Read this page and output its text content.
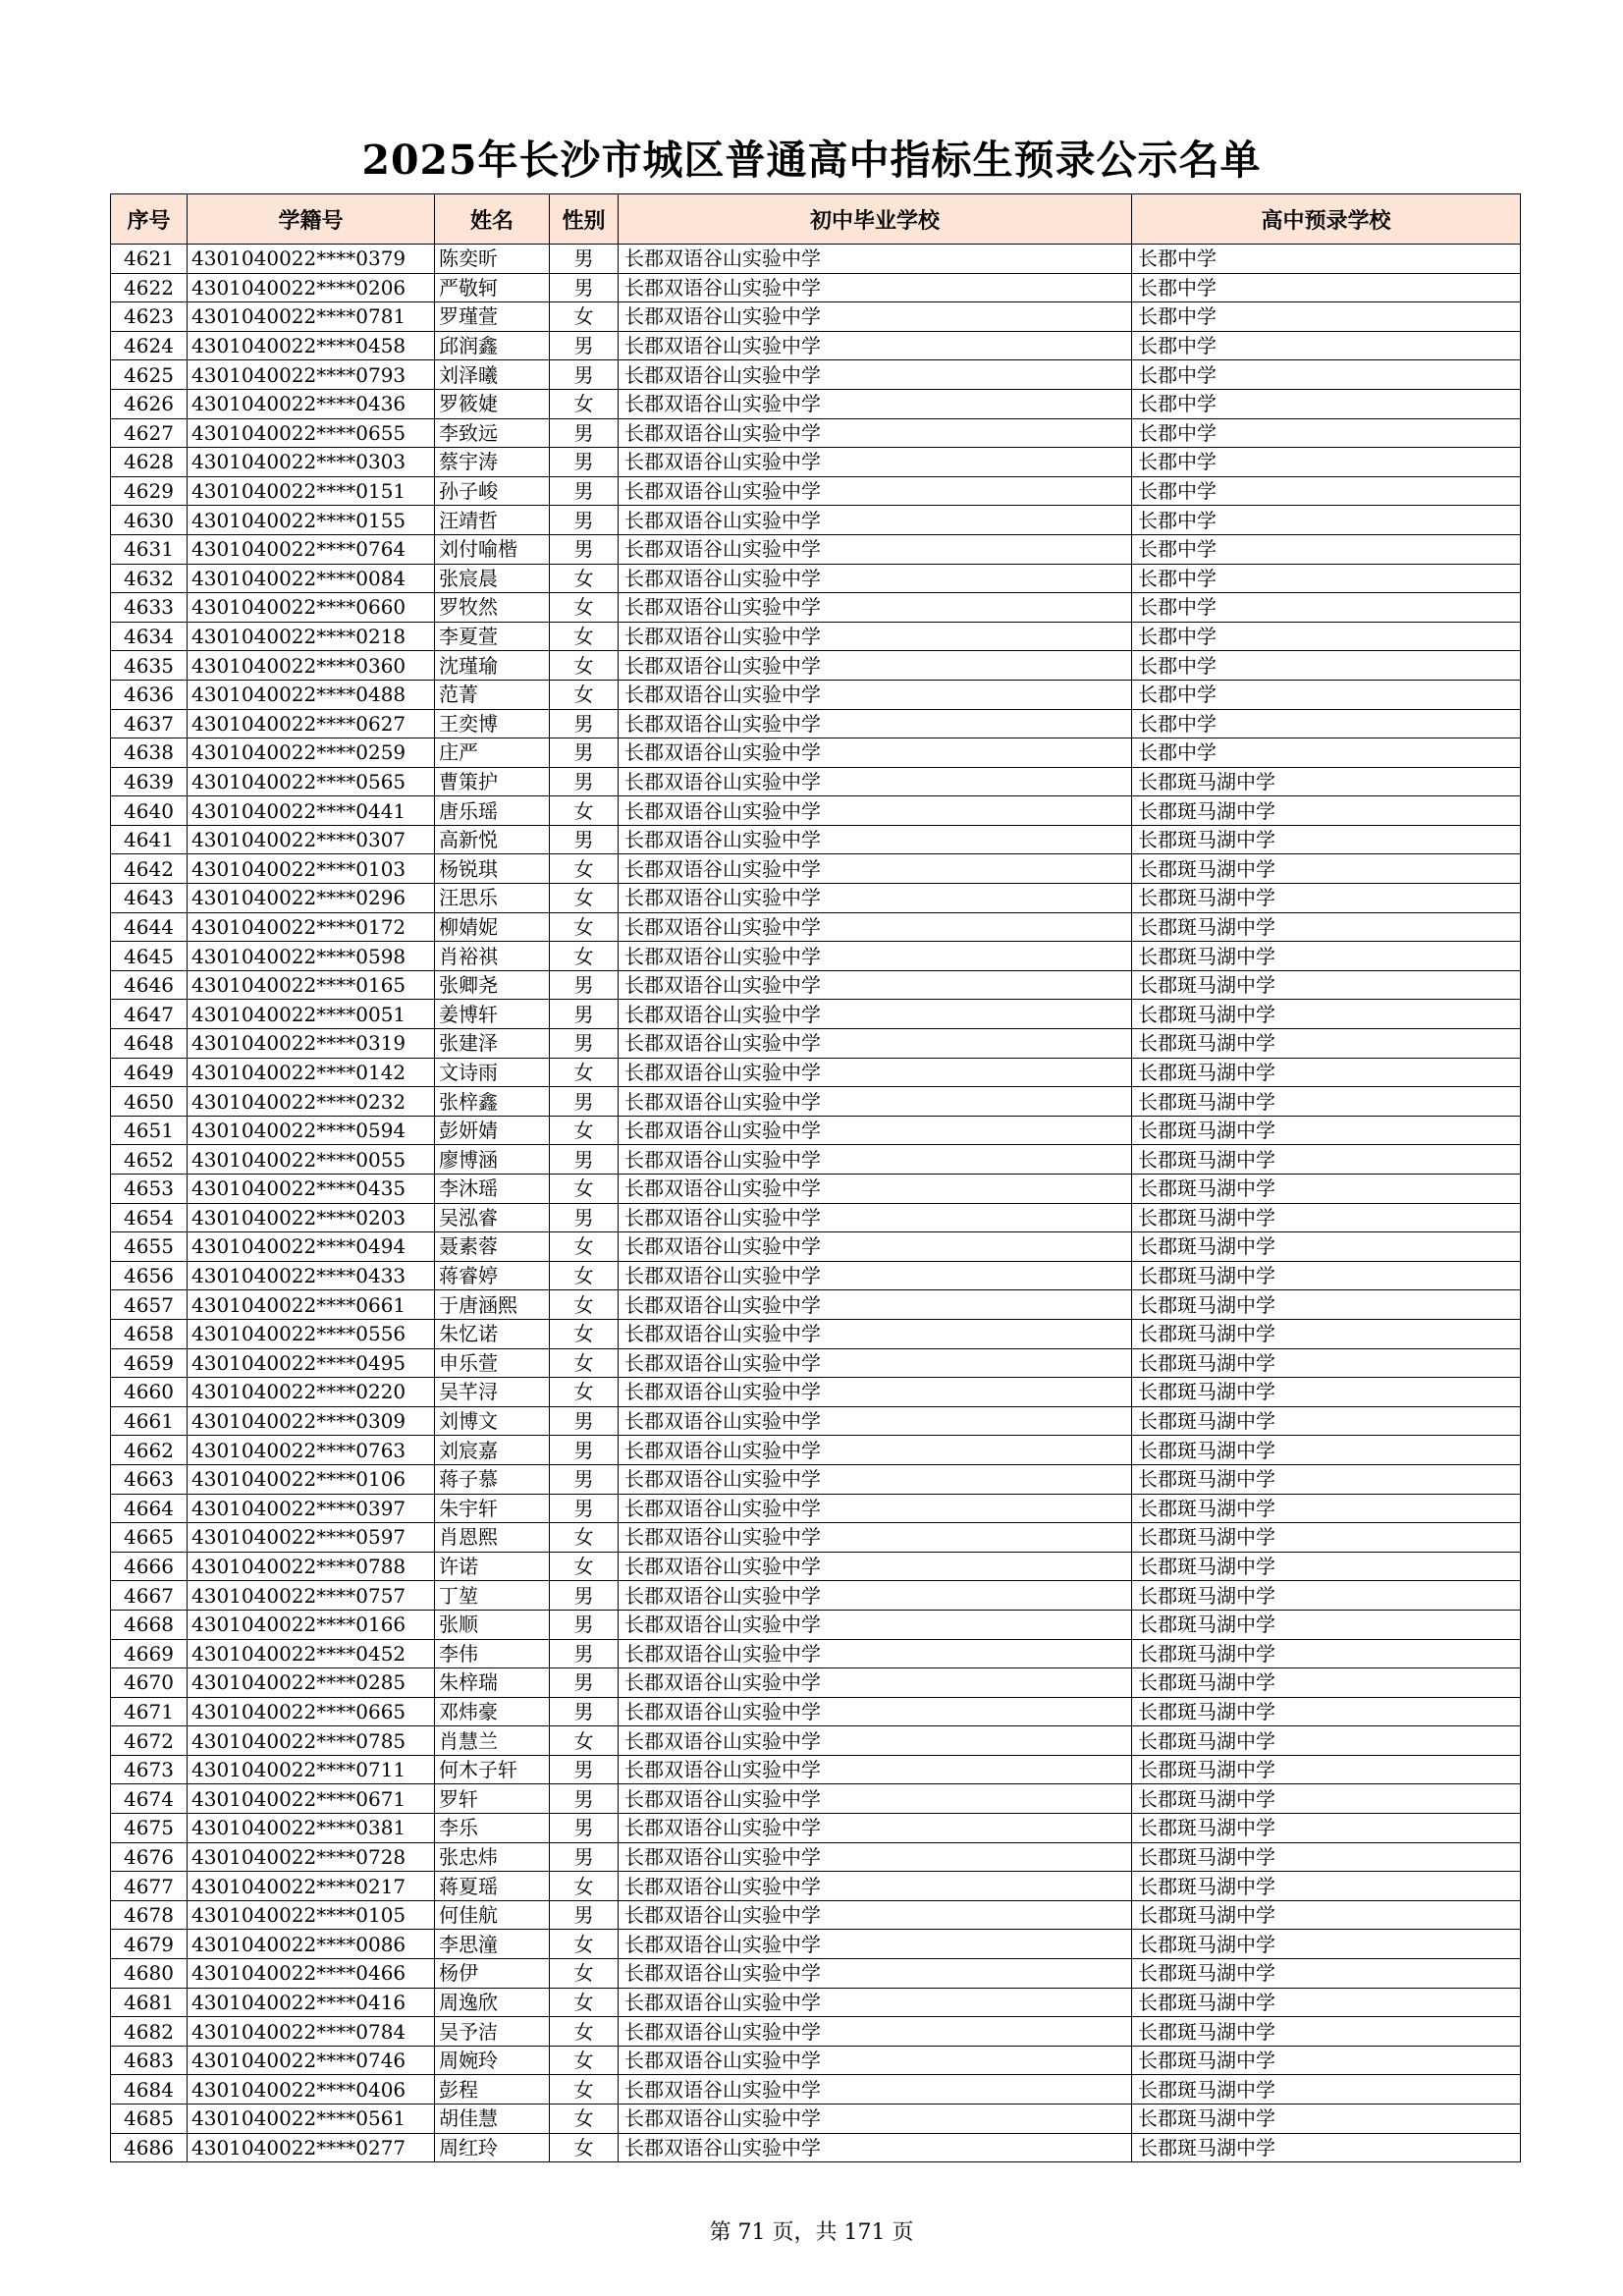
2025年长沙市城区普通高中指标生预录公示名单
序号	学籍号	姓名	性别	初中毕业学校	高中预录学校
4621	4301040022****0379	陈奕昕	男	长郡双语谷山实验中学	长郡中学
4622	4301040022****0206	严敬轲	男	长郡双语谷山实验中学	长郡中学
4623	4301040022****0781	罗瑾萱	女	长郡双语谷山实验中学	长郡中学
4624	4301040022****0458	邱润鑫	男	长郡双语谷山实验中学	长郡中学
4625	4301040022****0793	刘泽曦	男	长郡双语谷山实验中学	长郡中学
4626	4301040022****0436	罗筱婕	女	长郡双语谷山实验中学	长郡中学
4627	4301040022****0655	李致远	男	长郡双语谷山实验中学	长郡中学
4628	4301040022****0303	蔡宇涛	男	长郡双语谷山实验中学	长郡中学
4629	4301040022****0151	孙子峻	男	长郡双语谷山实验中学	长郡中学
4630	4301040022****0155	汪靖哲	男	长郡双语谷山实验中学	长郡中学
4631	4301040022****0764	刘付喻楷	男	长郡双语谷山实验中学	长郡中学
4632	4301040022****0084	张宸晨	女	长郡双语谷山实验中学	长郡中学
4633	4301040022****0660	罗牧然	女	长郡双语谷山实验中学	长郡中学
4634	4301040022****0218	李夏萱	女	长郡双语谷山实验中学	长郡中学
4635	4301040022****0360	沈瑾瑜	女	长郡双语谷山实验中学	长郡中学
4636	4301040022****0488	范菁	女	长郡双语谷山实验中学	长郡中学
4637	4301040022****0627	王奕博	男	长郡双语谷山实验中学	长郡中学
4638	4301040022****0259	庄严	男	长郡双语谷山实验中学	长郡中学
4639	4301040022****0565	曹策护	男	长郡双语谷山实验中学	长郡斑马湖中学
4640	4301040022****0441	唐乐瑶	女	长郡双语谷山实验中学	长郡斑马湖中学
4641	4301040022****0307	高新悦	男	长郡双语谷山实验中学	长郡斑马湖中学
4642	4301040022****0103	杨锐琪	女	长郡双语谷山实验中学	长郡斑马湖中学
4643	4301040022****0296	汪思乐	女	长郡双语谷山实验中学	长郡斑马湖中学
4644	4301040022****0172	柳婧妮	女	长郡双语谷山实验中学	长郡斑马湖中学
4645	4301040022****0598	肖裕祺	女	长郡双语谷山实验中学	长郡斑马湖中学
4646	4301040022****0165	张卿尧	男	长郡双语谷山实验中学	长郡斑马湖中学
4647	4301040022****0051	姜博轩	男	长郡双语谷山实验中学	长郡斑马湖中学
4648	4301040022****0319	张建泽	男	长郡双语谷山实验中学	长郡斑马湖中学
4649	4301040022****0142	文诗雨	女	长郡双语谷山实验中学	长郡斑马湖中学
4650	4301040022****0232	张梓鑫	男	长郡双语谷山实验中学	长郡斑马湖中学
4651	4301040022****0594	彭妍婧	女	长郡双语谷山实验中学	长郡斑马湖中学
4652	4301040022****0055	廖博涵	男	长郡双语谷山实验中学	长郡斑马湖中学
4653	4301040022****0435	李沐瑶	女	长郡双语谷山实验中学	长郡斑马湖中学
4654	4301040022****0203	吴泓睿	男	长郡双语谷山实验中学	长郡斑马湖中学
4655	4301040022****0494	聂素蓉	女	长郡双语谷山实验中学	长郡斑马湖中学
4656	4301040022****0433	蒋睿婷	女	长郡双语谷山实验中学	长郡斑马湖中学
4657	4301040022****0661	于唐涵熙	女	长郡双语谷山实验中学	长郡斑马湖中学
4658	4301040022****0556	朱忆诺	女	长郡双语谷山实验中学	长郡斑马湖中学
4659	4301040022****0495	申乐萱	女	长郡双语谷山实验中学	长郡斑马湖中学
4660	4301040022****0220	吴芊浔	女	长郡双语谷山实验中学	长郡斑马湖中学
4661	4301040022****0309	刘博文	男	长郡双语谷山实验中学	长郡斑马湖中学
4662	4301040022****0763	刘宸嘉	男	长郡双语谷山实验中学	长郡斑马湖中学
4663	4301040022****0106	蒋子慕	男	长郡双语谷山实验中学	长郡斑马湖中学
4664	4301040022****0397	朱宇轩	男	长郡双语谷山实验中学	长郡斑马湖中学
4665	4301040022****0597	肖恩熙	女	长郡双语谷山实验中学	长郡斑马湖中学
4666	4301040022****0788	许诺	女	长郡双语谷山实验中学	长郡斑马湖中学
4667	4301040022****0757	丁堃	男	长郡双语谷山实验中学	长郡斑马湖中学
4668	4301040022****0166	张顺	男	长郡双语谷山实验中学	长郡斑马湖中学
4669	4301040022****0452	李伟	男	长郡双语谷山实验中学	长郡斑马湖中学
4670	4301040022****0285	朱梓瑞	男	长郡双语谷山实验中学	长郡斑马湖中学
4671	4301040022****0665	邓炜豪	男	长郡双语谷山实验中学	长郡斑马湖中学
4672	4301040022****0785	肖慧兰	女	长郡双语谷山实验中学	长郡斑马湖中学
4673	4301040022****0711	何木子轩	男	长郡双语谷山实验中学	长郡斑马湖中学
4674	4301040022****0671	罗轩	男	长郡双语谷山实验中学	长郡斑马湖中学
4675	4301040022****0381	李乐	男	长郡双语谷山实验中学	长郡斑马湖中学
4676	4301040022****0728	张忠炜	男	长郡双语谷山实验中学	长郡斑马湖中学
4677	4301040022****0217	蒋夏瑶	女	长郡双语谷山实验中学	长郡斑马湖中学
4678	4301040022****0105	何佳航	男	长郡双语谷山实验中学	长郡斑马湖中学
4679	4301040022****0086	李思潼	女	长郡双语谷山实验中学	长郡斑马湖中学
4680	4301040022****0466	杨伊	女	长郡双语谷山实验中学	长郡斑马湖中学
4681	4301040022****0416	周逸欣	女	长郡双语谷山实验中学	长郡斑马湖中学
4682	4301040022****0784	吴予洁	女	长郡双语谷山实验中学	长郡斑马湖中学
4683	4301040022****0746	周婉玲	女	长郡双语谷山实验中学	长郡斑马湖中学
4684	4301040022****0406	彭程	女	长郡双语谷山实验中学	长郡斑马湖中学
4685	4301040022****0561	胡佳慧	女	长郡双语谷山实验中学	长郡斑马湖中学
4686	4301040022****0277	周红玲	女	长郡双语谷山实验中学	长郡斑马湖中学
第 71 页，共 171 页
